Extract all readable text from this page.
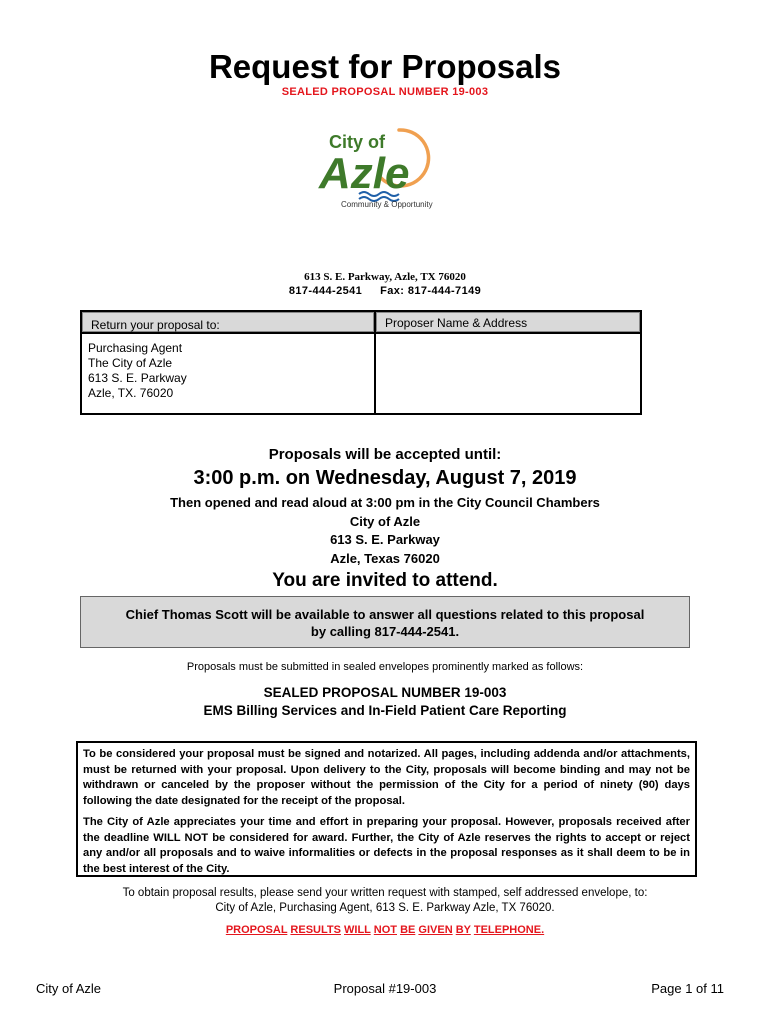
Request for Proposals
SEALED PROPOSAL NUMBER 19-003
City of
Azle
Community & Opportunity
613 S. E. Parkway, Azle, TX 76020
817-444-2541 Fax: 817-444-7149
Return your proposal to:	Proposer Name & Address
Purchasing Agent
The City of Azle
613 S. E. Parkway
Azle, TX. 76020
Proposals will be accepted until:
3:00 p.m. on Wednesday, August 7, 2019
Then opened and read aloud at 3:00 pm in the City Council Chambers
City of Azle
613 S. E. Parkway
Azle, Texas 76020
You are invited to attend.
Chief Thomas Scott will be available to answer all questions related to this proposal
by calling 817-444-2541.
Proposals must be submitted in sealed envelopes prominently marked as follows:
SEALED PROPOSAL NUMBER 19-003
EMS Billing Services and In-Field Patient Care Reporting

To be considered your proposal must be signed and notarized. All pages, including addenda and/or attachments, must be returned with your proposal. Upon delivery to the City, proposals will become binding and may not be withdrawn or canceled by the proposer without the permission of the City for a period of ninety (90) days following the date designated for the receipt of the proposal.

The City of Azle appreciates your time and effort in preparing your proposal. However, proposals received after the deadline WILL NOT be considered for award. Further, the City of Azle reserves the rights to accept or reject any and/or all proposals and to waive informalities or defects in the proposal responses as it shall deem to be in the best interest of the City.

To obtain proposal results, please send your written request with stamped, self addressed envelope, to:
City of Azle, Purchasing Agent, 613 S. E. Parkway Azle, TX 76020.
PROPOSAL RESULTS WILL NOT BE GIVEN BY TELEPHONE.
City of Azle	Proposal #19-003	Page 1 of 11
